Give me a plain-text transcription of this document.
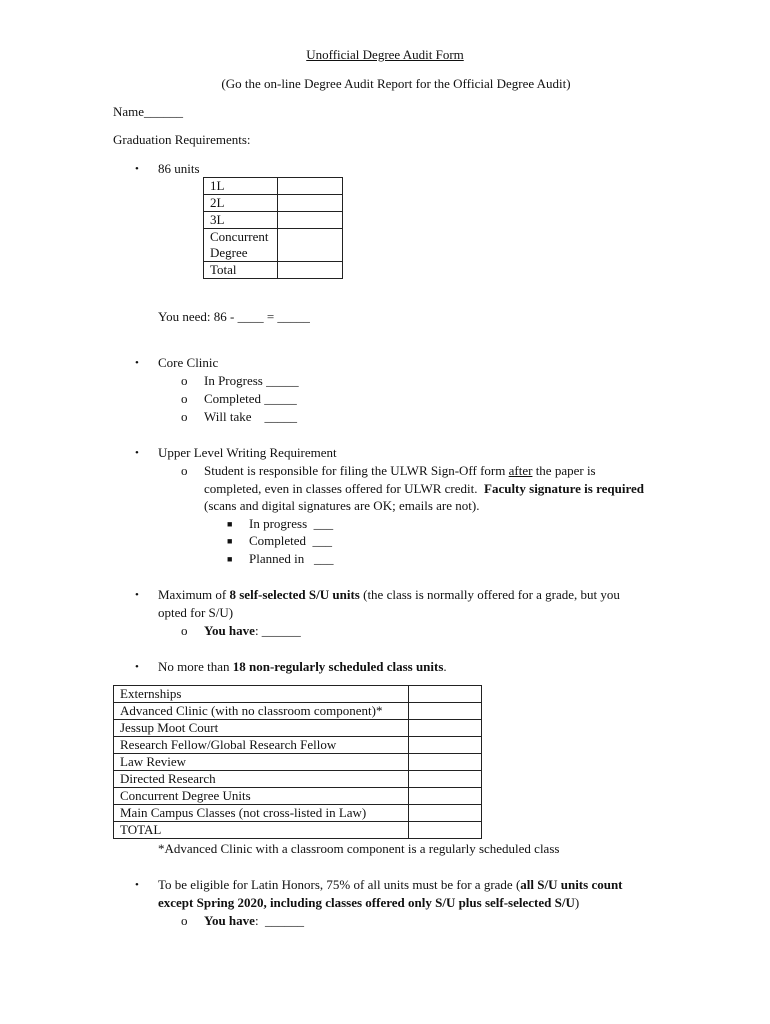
Unofficial Degree Audit Form
(Go the on-line Degree Audit Report for the Official Degree Audit)
Name______
Graduation Requirements:
• 86 units
1L	
2L	
3L	
Concurrent Degree	
Total	
You need: 86 - ____ = _____
• Core Clinic
o In Progress _____
o Completed _____
o Will take    _____
• Upper Level Writing Requirement
o Student is responsible for filing the ULWR Sign-Off form after the paper is
completed, even in classes offered for ULWR credit.  Faculty signature is required
(scans and digital signatures are OK; emails are not).
■ In progress  ___
■ Completed  ___
■ Planned in   ___
• Maximum of 8 self-selected S/U units (the class is normally offered for a grade, but you
opted for S/U)
o You have: ______
• No more than 18 non-regularly scheduled class units.
Externships	
Advanced Clinic (with no classroom component)*	
Jessup Moot Court	
Research Fellow/Global Research Fellow	
Law Review	
Directed Research	
Concurrent Degree Units	
Main Campus Classes (not cross-listed in Law)	
TOTAL	
*Advanced Clinic with a classroom component is a regularly scheduled class
• To be eligible for Latin Honors, 75% of all units must be for a grade (all S/U units count
except Spring 2020, including classes offered only S/U plus self-selected S/U)
o You have:  ______
